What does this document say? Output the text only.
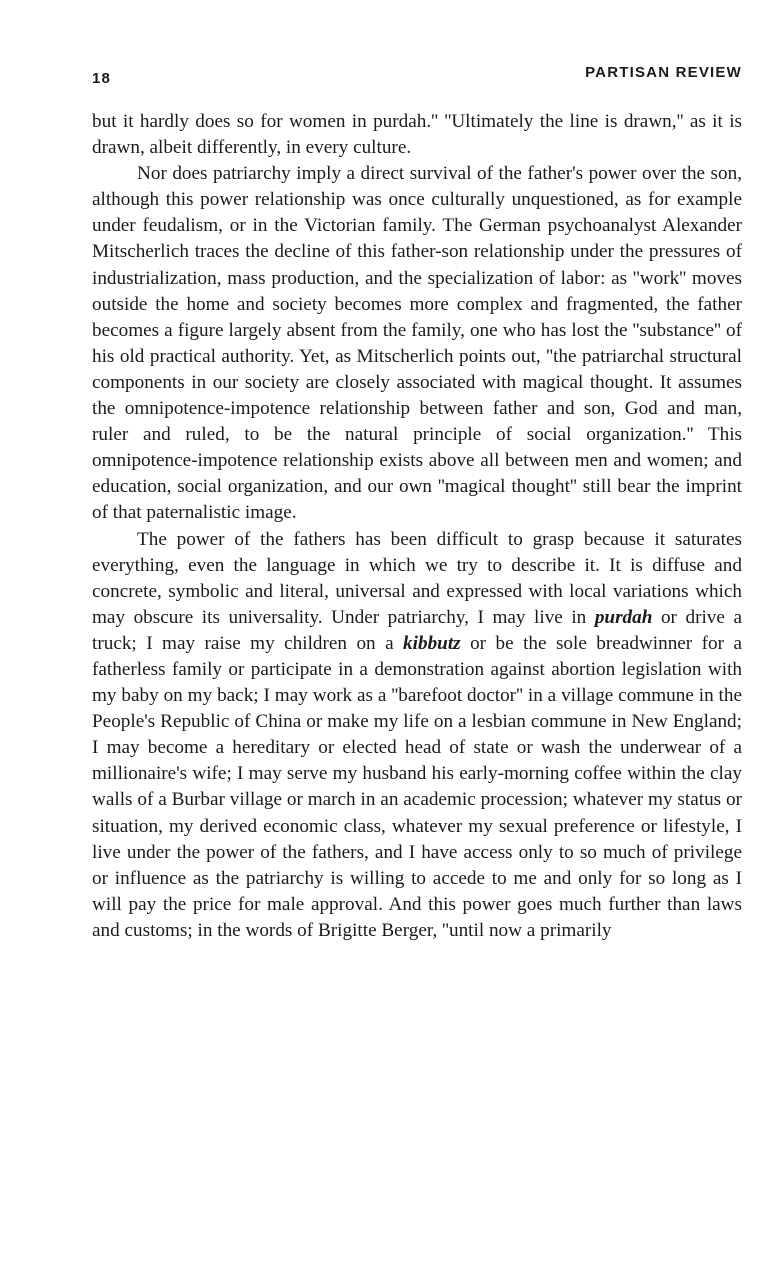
18	PARTISAN REVIEW

but it hardly does so for women in purdah.'' ''Ultimately the line is drawn,'' as it is drawn, albeit differently, in every culture.

Nor does patriarchy imply a direct survival of the father's power over the son, although this power relationship was once culturally unquestioned, as for example under feudalism, or in the Victorian family. The German psychoanalyst Alexander Mitscherlich traces the decline of this father-son relationship under the pressures of industrialization, mass production, and the specialization of labor: as ''work'' moves outside the home and society becomes more complex and fragmented, the father becomes a figure largely absent from the family, one who has lost the ''substance'' of his old practical authority. Yet, as Mitscherlich points out, ''the patriarchal structural components in our society are closely associated with magical thought. It assumes the omnipotence-impotence relationship between father and son, God and man, ruler and ruled, to be the natural principle of social organization.'' This omnipotence-impotence relationship exists above all between men and women; and education, social organization, and our own ''magical thought'' still bear the imprint of that paternalistic image.

The power of the fathers has been difficult to grasp because it saturates everything, even the language in which we try to describe it. It is diffuse and concrete, symbolic and literal, universal and expressed with local variations which may obscure its universality. Under patriarchy, I may live in purdah or drive a truck; I may raise my children on a kibbutz or be the sole breadwinner for a fatherless family or participate in a demonstration against abortion legislation with my baby on my back; I may work as a ''barefoot doctor'' in a village commune in the People's Republic of China or make my life on a lesbian commune in New England; I may become a hereditary or elected head of state or wash the underwear of a millionaire's wife; I may serve my husband his early-morning coffee within the clay walls of a Burbar village or march in an academic procession; whatever my status or situation, my derived economic class, whatever my sexual preference or lifestyle, I live under the power of the fathers, and I have access only to so much of privilege or influence as the patriarchy is willing to accede to me and only for so long as I will pay the price for male approval. And this power goes much further than laws and customs; in the words of Brigitte Berger, ''until now a primarily
